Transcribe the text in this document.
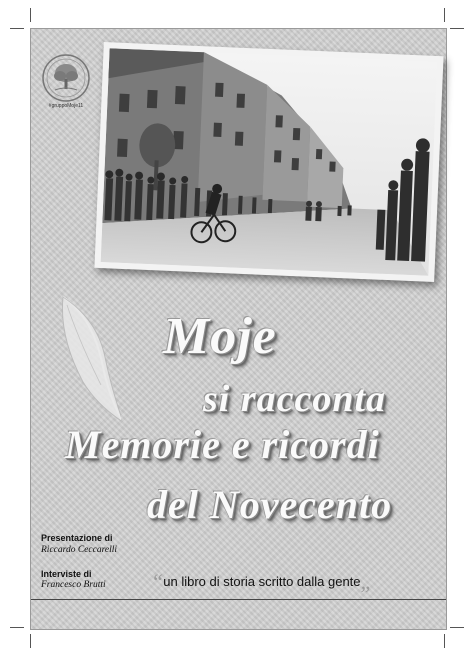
#gruppoMoje11
Moje
si racconta
Memorie e ricordi
del Novecento
Presentazione di
Riccardo Ceccarelli
Interviste di
Francesco Brutti “un libro di storia scritto dalla gente„
